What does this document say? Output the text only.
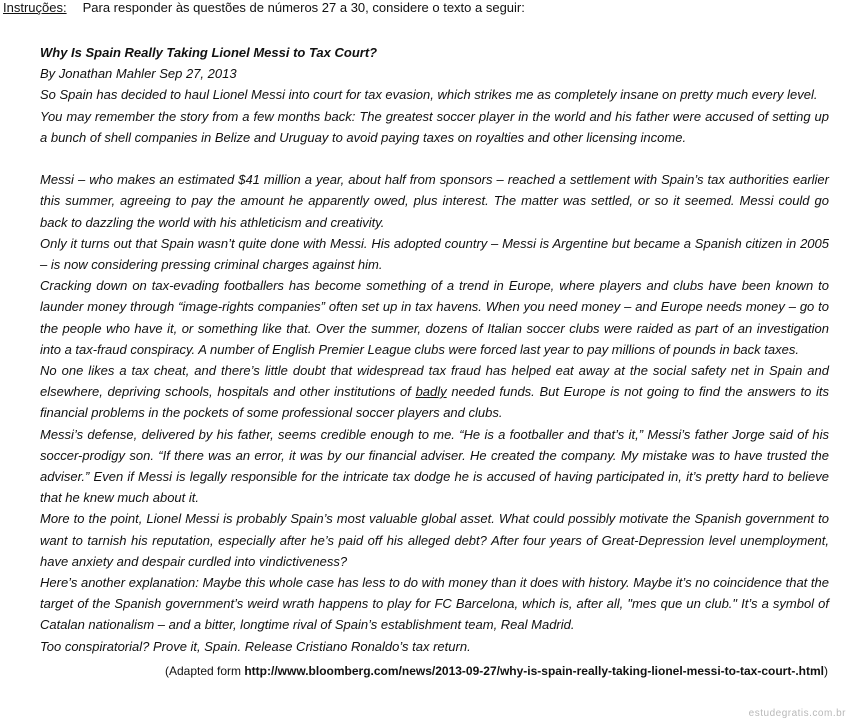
Instruções: Para responder às questões de números 27 a 30, considere o texto a seguir:

Why Is Spain Really Taking Lionel Messi to Tax Court?

By Jonathan Mahler Sep 27, 2013

So Spain has decided to haul Lionel Messi into court for tax evasion, which strikes me as completely insane on pretty much every level.

You may remember the story from a few months back: The greatest soccer player in the world and his father were accused of setting up a bunch of shell companies in Belize and Uruguay to avoid paying taxes on royalties and other licensing income.

Messi – who makes an estimated $41 million a year, about half from sponsors – reached a settlement with Spain’s tax authorities earlier this summer, agreeing to pay the amount he apparently owed, plus interest. The matter was settled, or so it seemed. Messi could go back to dazzling the world with his athleticism and creativity.

Only it turns out that Spain wasn’t quite done with Messi. His adopted country – Messi is Argentine but became a Spanish citizen in 2005 – is now considering pressing criminal charges against him.

Cracking down on tax-evading footballers has become something of a trend in Europe, where players and clubs have been known to launder money through “image-rights companies” often set up in tax havens. When you need money – and Europe needs money – go to the people who have it, or something like that. Over the summer, dozens of Italian soccer clubs were raided as part of an investigation into a tax-fraud conspiracy. A number of English Premier League clubs were forced last year to pay millions of pounds in back taxes.

No one likes a tax cheat, and there’s little doubt that widespread tax fraud has helped eat away at the social safety net in Spain and elsewhere, depriving schools, hospitals and other institutions of badly needed funds. But Europe is not going to find the answers to its financial problems in the pockets of some professional soccer players and clubs.

Messi’s defense, delivered by his father, seems credible enough to me. “He is a footballer and that’s it,” Messi’s father Jorge said of his soccer-prodigy son. “If there was an error, it was by our financial adviser. He created the company. My mistake was to have trusted the adviser.” Even if Messi is legally responsible for the intricate tax dodge he is accused of having participated in, it’s pretty hard to believe that he knew much about it.

More to the point, Lionel Messi is probably Spain’s most valuable global asset. What could possibly motivate the Spanish government to want to tarnish his reputation, especially after he’s paid off his alleged debt? After four years of Great-Depression level unemployment, have anxiety and despair curdled into vindictiveness?

Here’s another explanation: Maybe this whole case has less to do with money than it does with history. Maybe it’s no coincidence that the target of the Spanish government’s weird wrath happens to play for FC Barcelona, which is, after all, "mes que un club." It’s a symbol of Catalan nationalism – and a bitter, longtime rival of Spain’s establishment team, Real Madrid.

Too conspiratorial? Prove it, Spain. Release Cristiano Ronaldo’s tax return.

(Adapted form http://www.bloomberg.com/news/2013-09-27/why-is-spain-really-taking-lionel-messi-to-tax-court-.html)
estudegratis.com.br
